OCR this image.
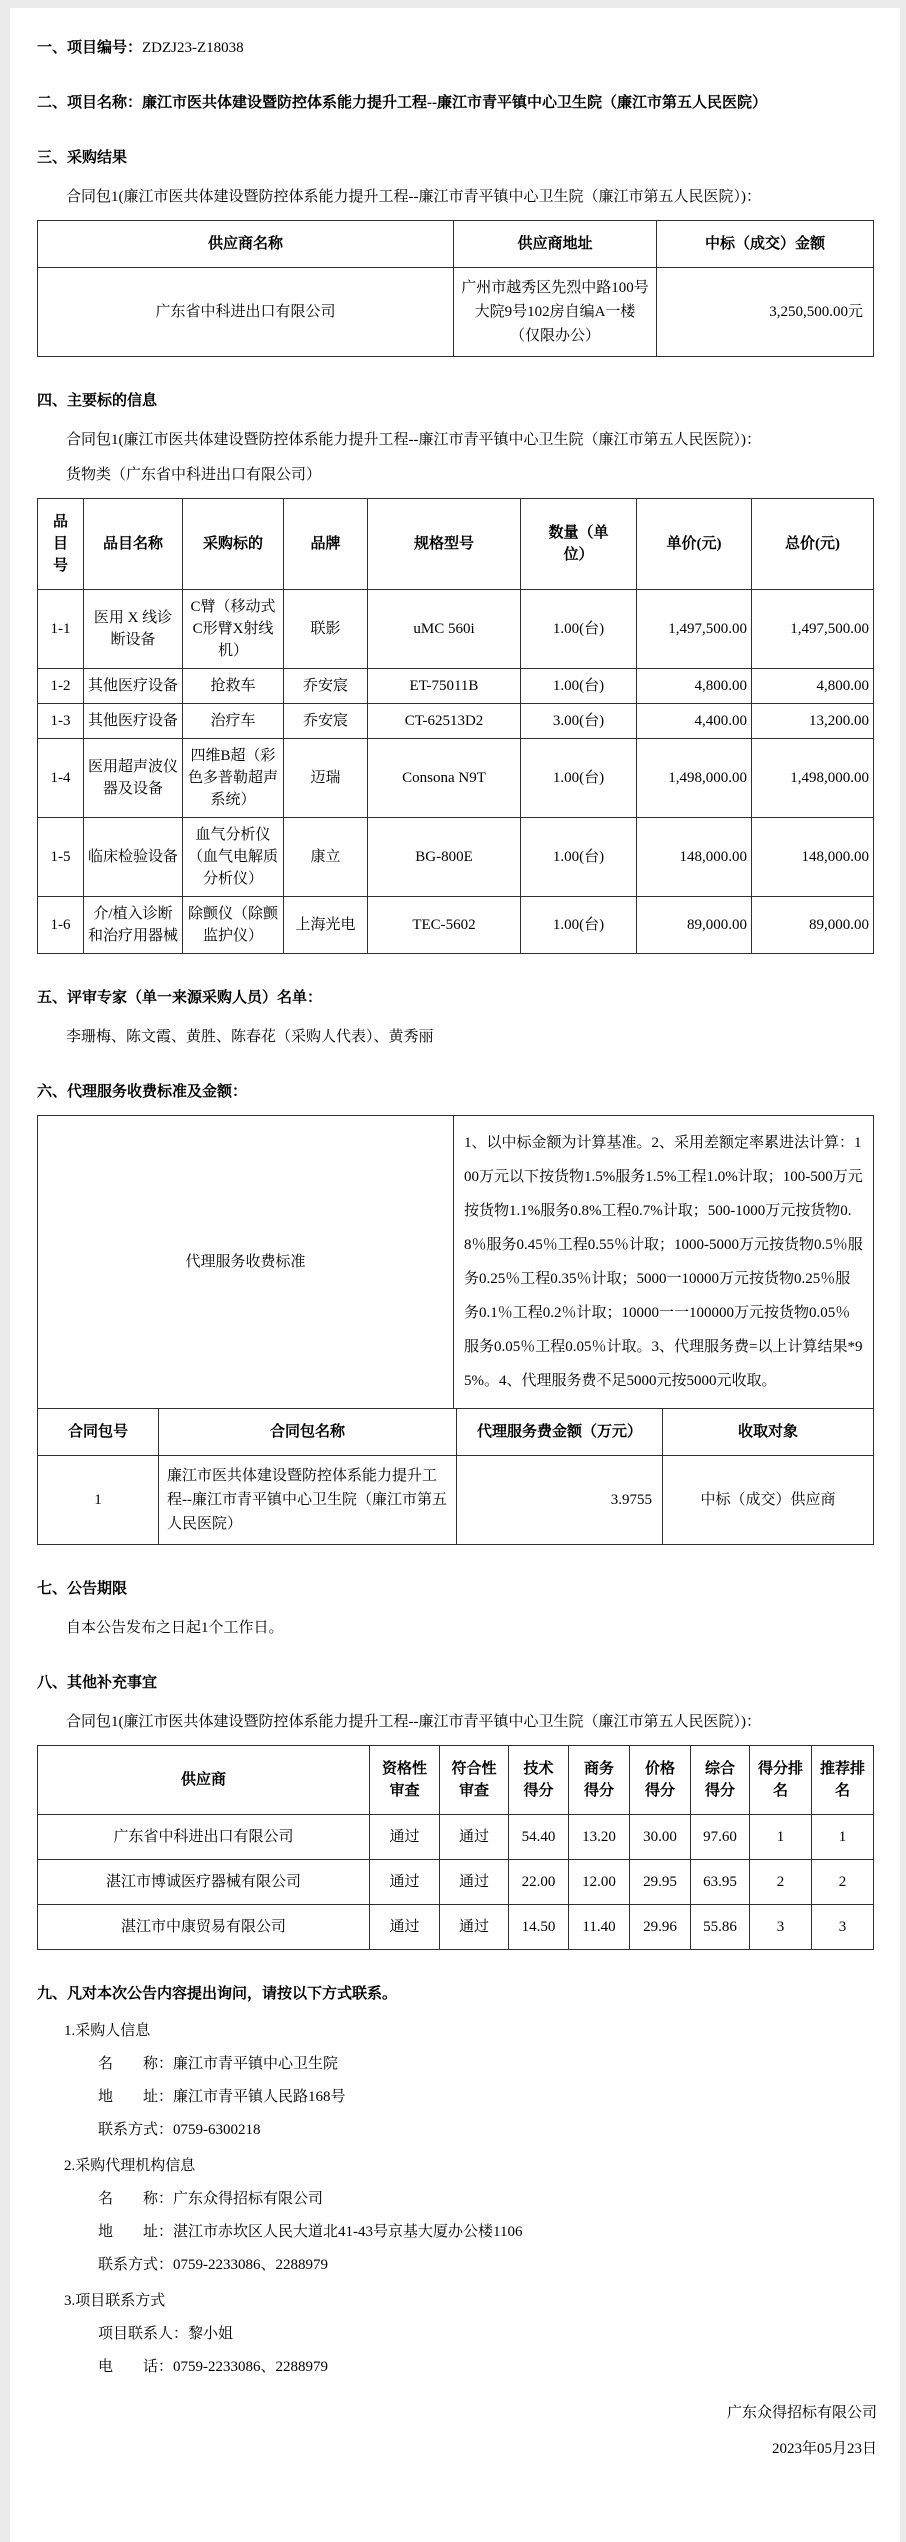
一、项目编号：ZDZJ23-Z18038

二、项目名称：廉江市医共体建设暨防控体系能力提升工程--廉江市青平镇中心卫生院（廉江市第五人民医院）

三、采购结果

合同包1(廉江市医共体建设暨防控体系能力提升工程--廉江市青平镇中心卫生院（廉江市第五人民医院）)：

供应商名称	供应商地址	中标（成交）金额
广东省中科进出口有限公司	广州市越秀区先烈中路100号大院9号102房自编A一楼（仅限办公）	3,250,500.00元

四、主要标的信息

合同包1(廉江市医共体建设暨防控体系能力提升工程--廉江市青平镇中心卫生院（廉江市第五人民医院）)：

货物类（广东省中科进出口有限公司）

品目号	品目名称	采购标的	品牌	规格型号	数量（单位）	单价(元)	总价(元)
1-1	医用 X 线诊断设备	C臂（移动式C形臂X射线机）	联影	uMC 560i	1.00(台)	1,497,500.00	1,497,500.00
1-2	其他医疗设备	抢救车	乔安宸	ET-75011B	1.00(台)	4,800.00	4,800.00
1-3	其他医疗设备	治疗车	乔安宸	CT-62513D2	3.00(台)	4,400.00	13,200.00
1-4	医用超声波仪器及设备	四维B超（彩色多普勒超声系统）	迈瑞	Consona N9T	1.00(台)	1,498,000.00	1,498,000.00
1-5	临床检验设备	血气分析仪（血气电解质分析仪）	康立	BG-800E	1.00(台)	148,000.00	148,000.00
1-6	介/植入诊断和治疗用器械	除颤仪（除颤监护仪）	上海光电	TEC-5602	1.00(台)	89,000.00	89,000.00

五、评审专家（单一来源采购人员）名单：

李珊梅、陈文霞、黄胜、陈春花（采购人代表）、黄秀丽

六、代理服务收费标准及金额：

代理服务收费标准	1、以中标金额为计算基准。2、采用差额定率累进法计算：100万元以下按货物1.5%服务1.5%工程1.0%计取；100-500万元按货物1.1%服务0.8%工程0.7%计取；500-1000万元按货物0.8％服务0.45％工程0.55％计取；1000-5000万元按货物0.5％服务0.25％工程0.35％计取；5000一10000万元按货物0.25％服务0.1％工程0.2％计取；10000一一100000万元按货物0.05％服务0.05％工程0.05％计取。3、代理服务费=以上计算结果*95%。4、代理服务费不足5000元按5000元收取。
合同包号	合同包名称	代理服务费金额（万元）	收取对象
1	廉江市医共体建设暨防控体系能力提升工程--廉江市青平镇中心卫生院（廉江市第五人民医院）	3.9755	中标（成交）供应商

七、公告期限

自本公告发布之日起1个工作日。

八、其他补充事宜

合同包1(廉江市医共体建设暨防控体系能力提升工程--廉江市青平镇中心卫生院（廉江市第五人民医院）)：

供应商	资格性审查	符合性审查	技术得分	商务得分	价格得分	综合得分	得分排名	推荐排名
广东省中科进出口有限公司	通过	通过	54.40	13.20	30.00	97.60	1	1
湛江市博诚医疗器械有限公司	通过	通过	22.00	12.00	29.95	63.95	2	2
湛江市中康贸易有限公司	通过	通过	14.50	11.40	29.96	55.86	3	3

九、凡对本次公告内容提出询问，请按以下方式联系。

1.采购人信息

名　　称：廉江市青平镇中心卫生院

地　　址：廉江市青平镇人民路168号

联系方式：0759-6300218

2.采购代理机构信息

名　　称：广东众得招标有限公司

地　　址：湛江市赤坎区人民大道北41-43号京基大厦办公楼1106

联系方式：0759-2233086、2288979

3.项目联系方式

项目联系人：黎小姐

电　　话：0759-2233086、2288979

广东众得招标有限公司

2023年05月23日
